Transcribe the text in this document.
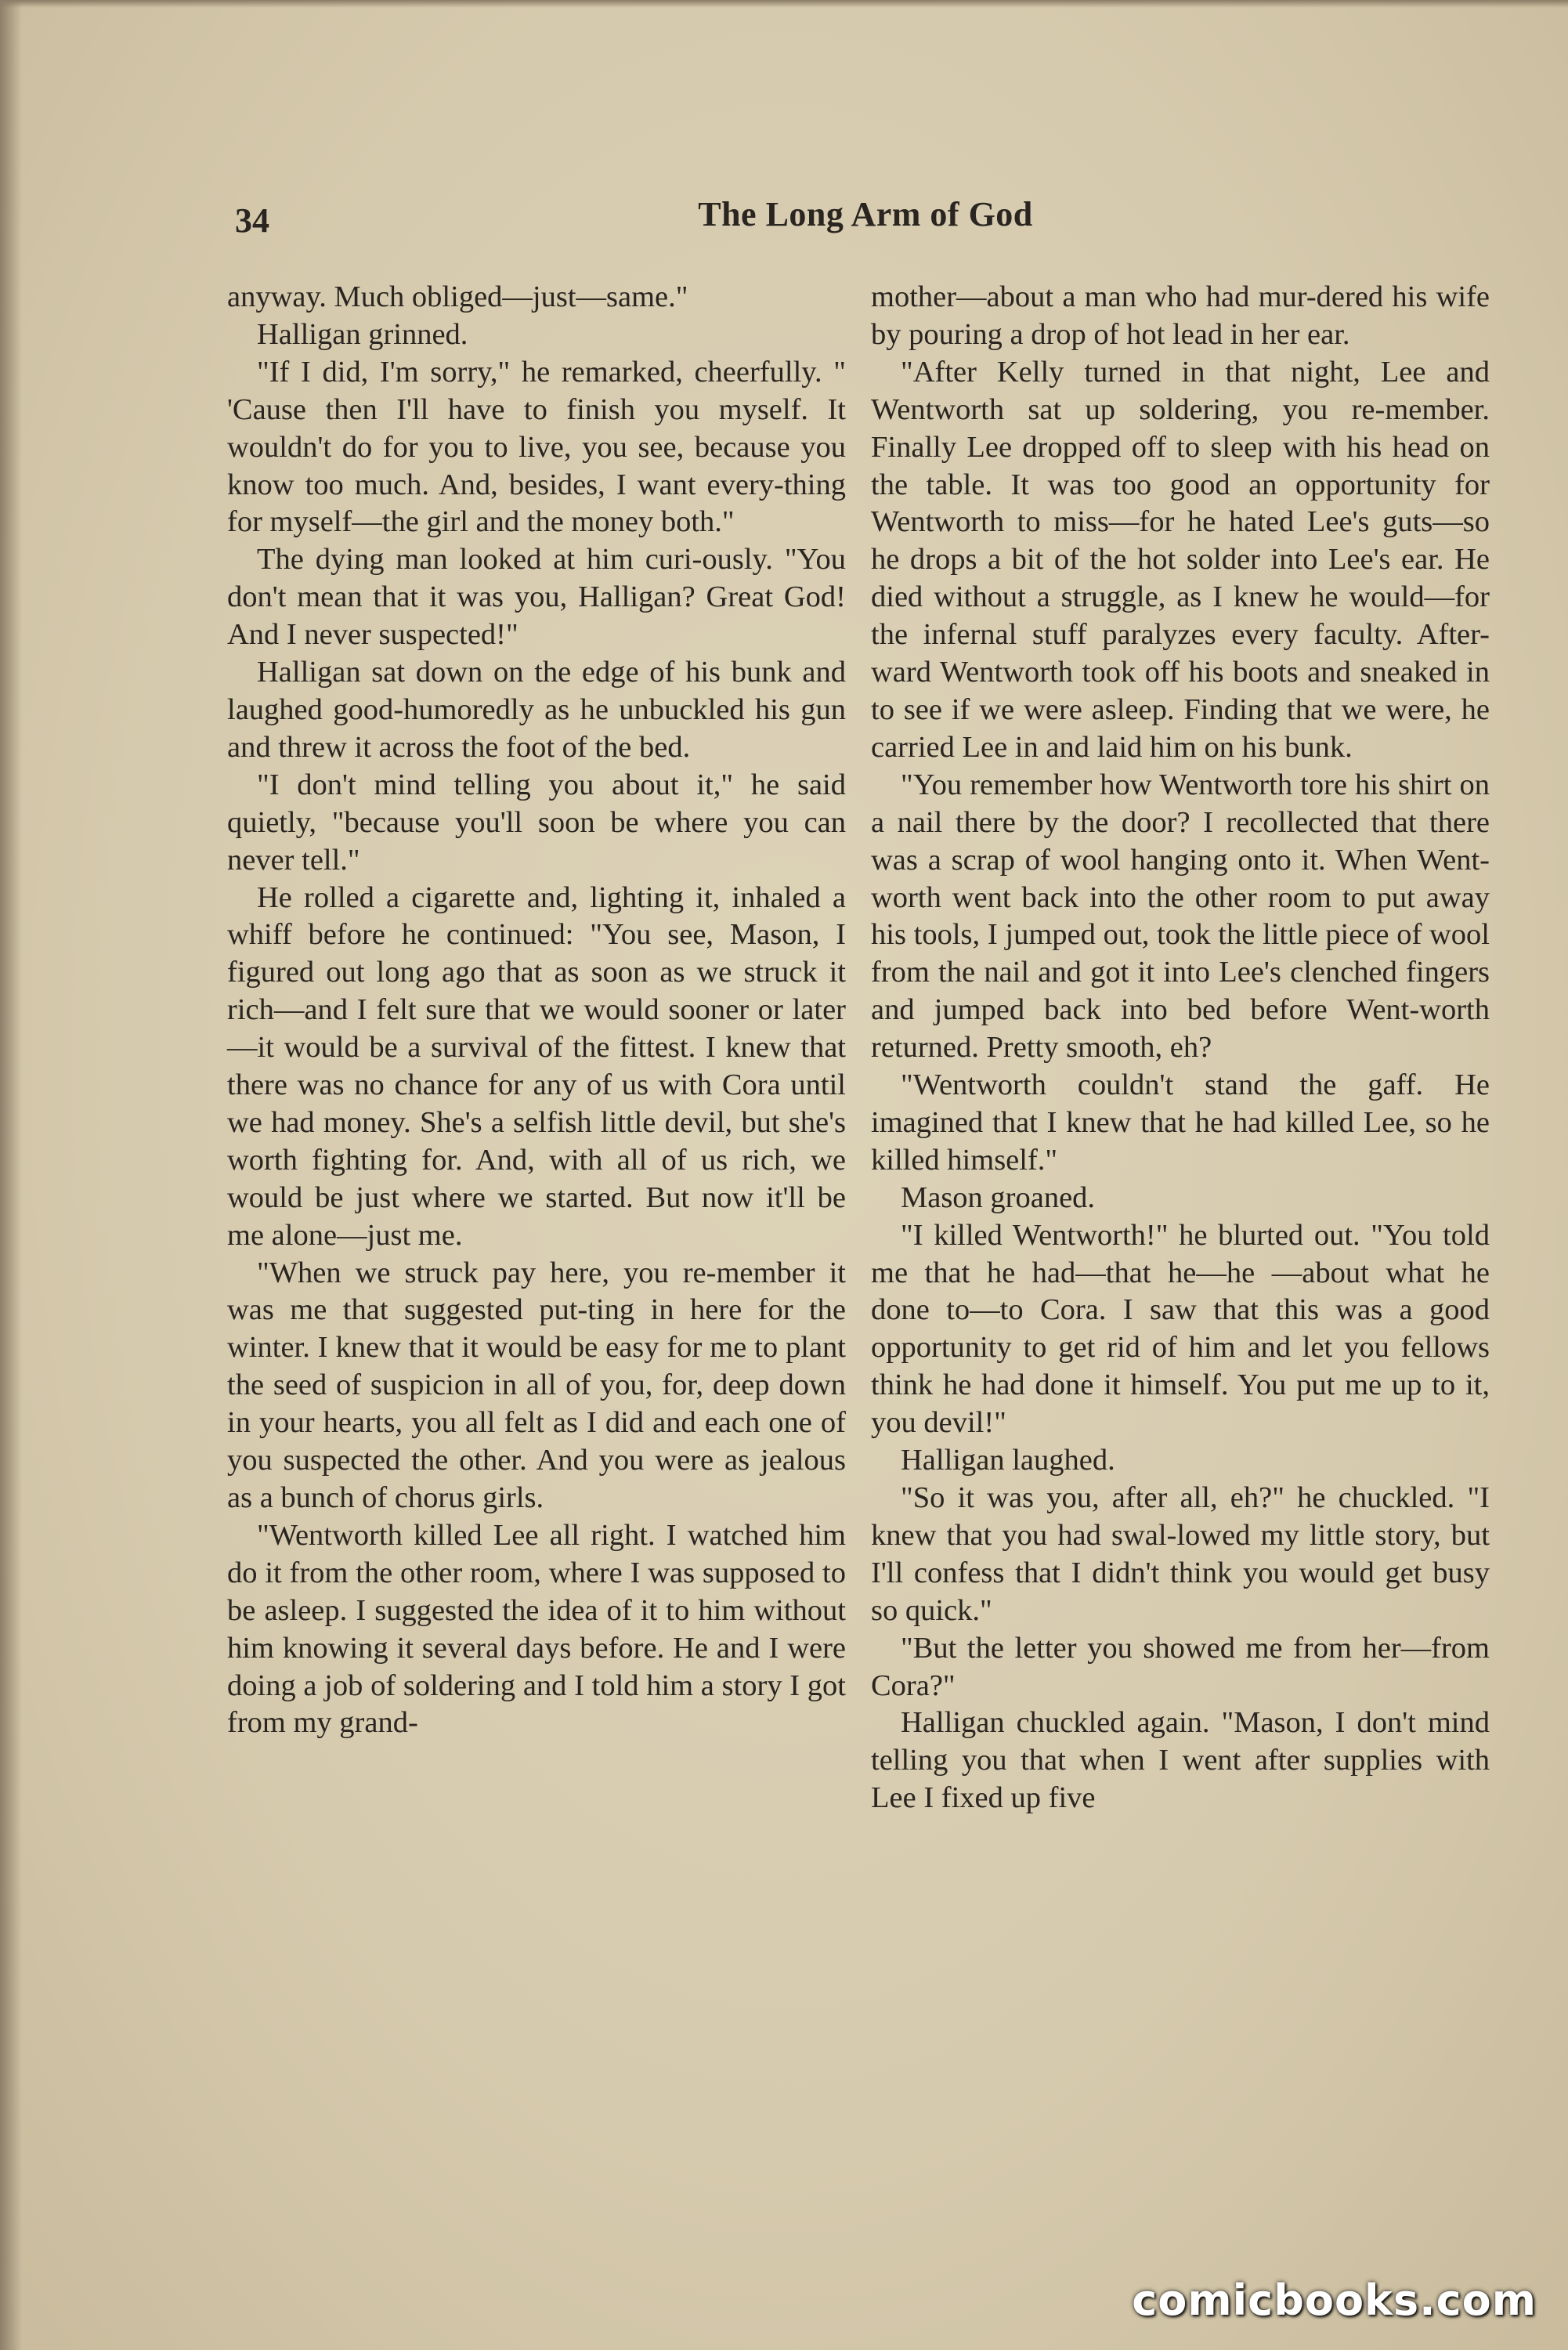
34	The Long Arm of God

anyway. Much obliged—just—same."

Halligan grinned.

"If I did, I'm sorry," he remarked, cheerfully. " 'Cause then I'll have to finish you myself. It wouldn't do for you to live, you see, because you know too much. And, besides, I want every-thing for myself—the girl and the money both."

The dying man looked at him curi-ously. "You don't mean that it was you, Halligan? Great God! And I never suspected!"

Halligan sat down on the edge of his bunk and laughed good-humoredly as he unbuckled his gun and threw it across the foot of the bed.

"I don't mind telling you about it," he said quietly, "because you'll soon be where you can never tell."

He rolled a cigarette and, lighting it, inhaled a whiff before he continued: "You see, Mason, I figured out long ago that as soon as we struck it rich—and I felt sure that we would sooner or later—it would be a survival of the fittest. I knew that there was no chance for any of us with Cora until we had money. She's a selfish little devil, but she's worth fighting for. And, with all of us rich, we would be just where we started. But now it'll be me alone—just me.

"When we struck pay here, you re-member it was me that suggested put-ting in here for the winter. I knew that it would be easy for me to plant the seed of suspicion in all of you, for, deep down in your hearts, you all felt as I did and each one of you suspected the other. And you were as jealous as a bunch of chorus girls.

"Wentworth killed Lee all right. I watched him do it from the other room, where I was supposed to be asleep. I suggested the idea of it to him without him knowing it several days before. He and I were doing a job of soldering and I told him a story I got from my grand-

mother—about a man who had mur-dered his wife by pouring a drop of hot lead in her ear.

"After Kelly turned in that night, Lee and Wentworth sat up soldering, you re-member. Finally Lee dropped off to sleep with his head on the table. It was too good an opportunity for Wentworth to miss—for he hated Lee's guts—so he drops a bit of the hot solder into Lee's ear. He died without a struggle, as I knew he would—for the infernal stuff paralyzes every faculty. After-ward Wentworth took off his boots and sneaked in to see if we were asleep. Finding that we were, he carried Lee in and laid him on his bunk.

"You remember how Wentworth tore his shirt on a nail there by the door? I recollected that there was a scrap of wool hanging onto it. When Went-worth went back into the other room to put away his tools, I jumped out, took the little piece of wool from the nail and got it into Lee's clenched fingers and jumped back into bed before Went-worth returned. Pretty smooth, eh?

"Wentworth couldn't stand the gaff. He imagined that I knew that he had killed Lee, so he killed himself."

Mason groaned.

"I killed Wentworth!" he blurted out. "You told me that he had—that he—he —about what he done to—to Cora. I saw that this was a good opportunity to get rid of him and let you fellows think he had done it himself. You put me up to it, you devil!"

Halligan laughed.

"So it was you, after all, eh?" he chuckled. "I knew that you had swal-lowed my little story, but I'll confess that I didn't think you would get busy so quick."

"But the letter you showed me from her—from Cora?"

Halligan chuckled again. "Mason, I don't mind telling you that when I went after supplies with Lee I fixed up five

comicbooks.com
